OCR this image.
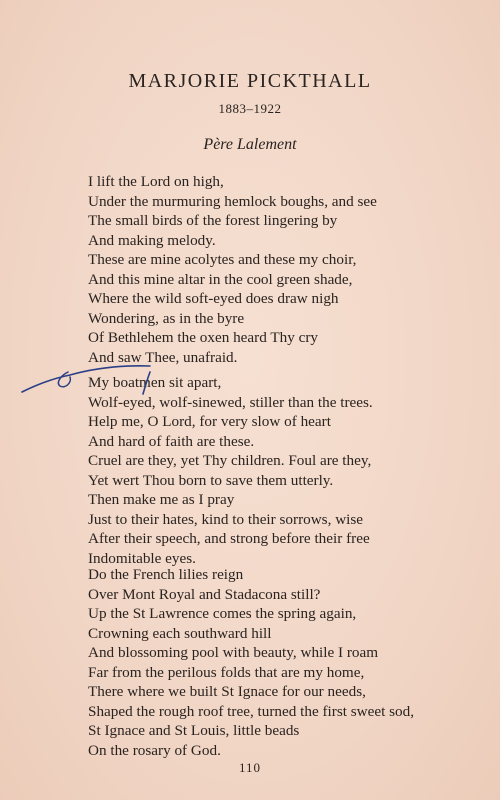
MARJORIE PICKTHALL
1883–1922
Père Lalement
I lift the Lord on high,
Under the murmuring hemlock boughs, and see
The small birds of the forest lingering by
And making melody.
These are mine acolytes and these my choir,
And this mine altar in the cool green shade,
Where the wild soft-eyed does draw nigh
Wondering, as in the byre
Of Bethlehem the oxen heard Thy cry
And saw Thee, unafraid.
My boatmen sit apart,
Wolf-eyed, wolf-sinewed, stiller than the trees.
Help me, O Lord, for very slow of heart
And hard of faith are these.
Cruel are they, yet Thy children. Foul are they,
Yet wert Thou born to save them utterly.
Then make me as I pray
Just to their hates, kind to their sorrows, wise
After their speech, and strong before their free
Indomitable eyes.
Do the French lilies reign
Over Mont Royal and Stadacona still?
Up the St Lawrence comes the spring again,
Crowning each southward hill
And blossoming pool with beauty, while I roam
Far from the perilous folds that are my home,
There where we built St Ignace for our needs,
Shaped the rough roof tree, turned the first sweet sod,
St Ignace and St Louis, little beads
On the rosary of God.
110
